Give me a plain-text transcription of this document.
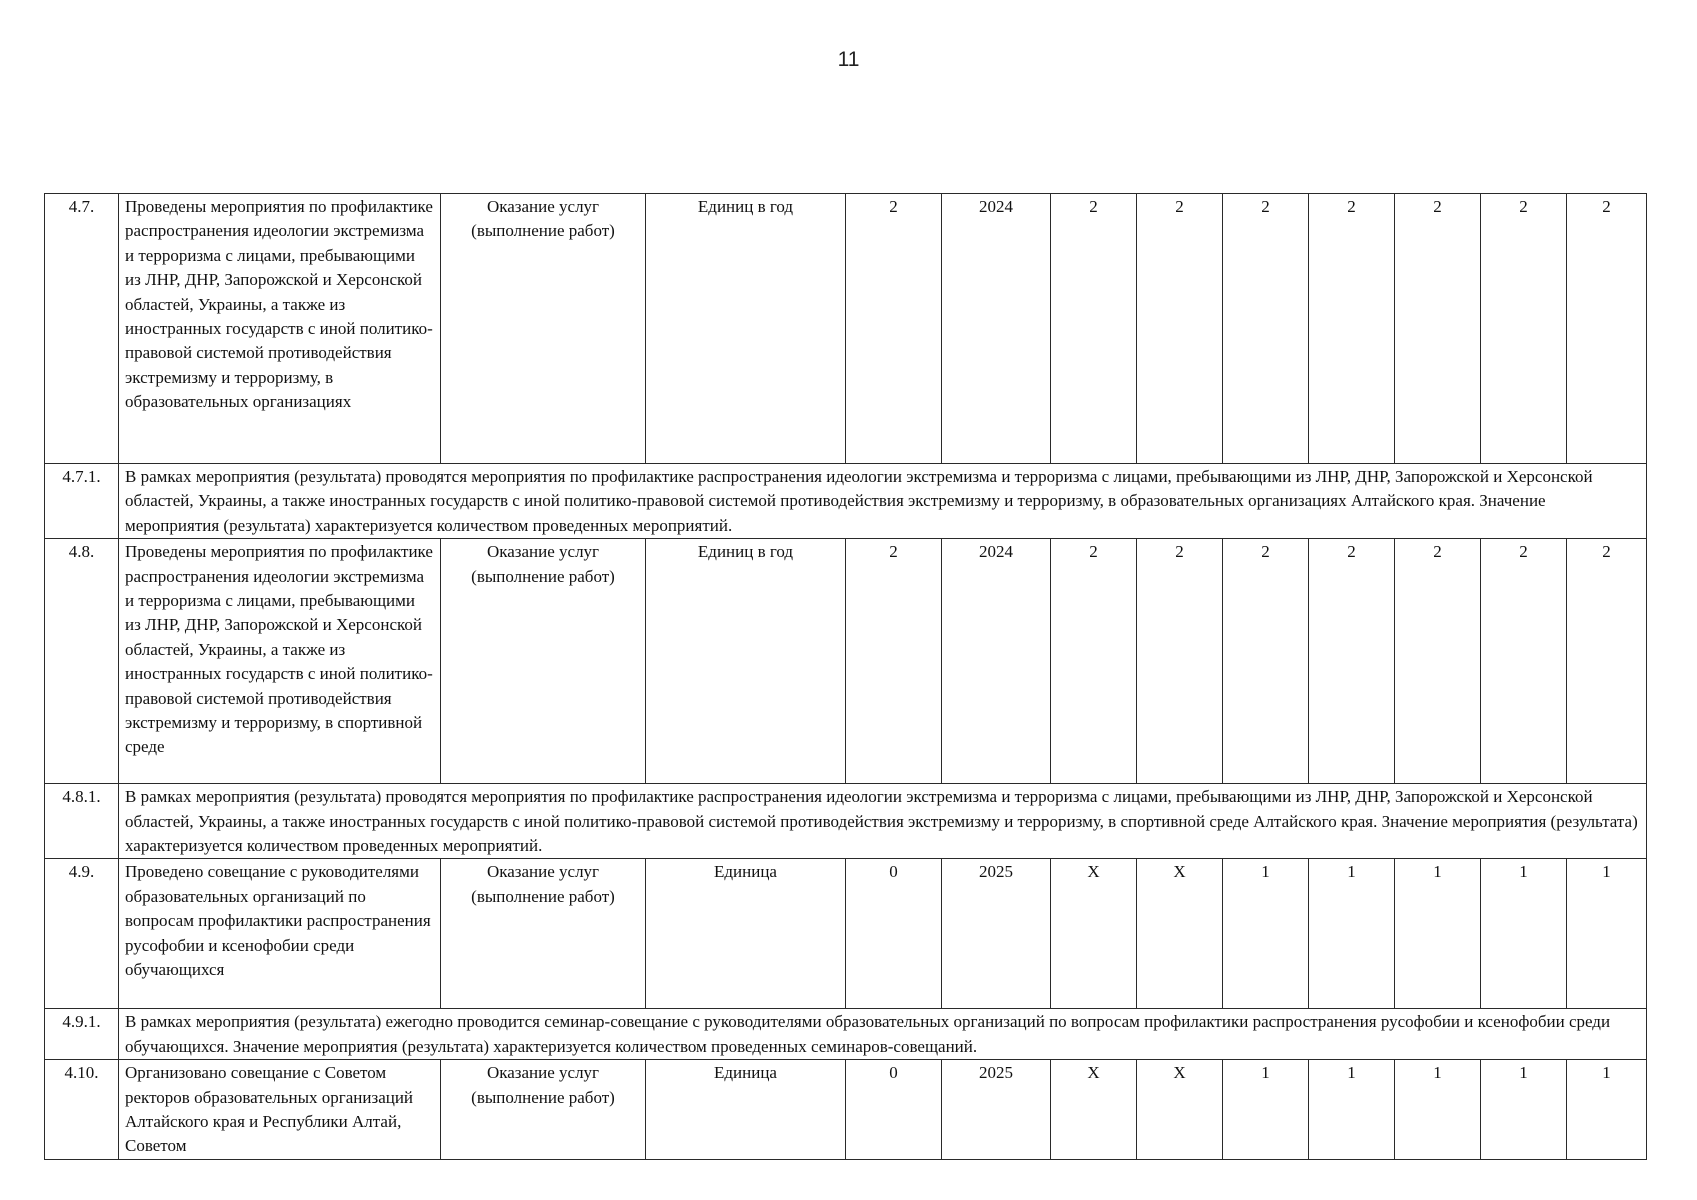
11
4.7.	Проведены мероприятия по профилактике распространения идеологии экстремизма и терроризма с лицами, пребывающими из ЛНР, ДНР, Запорожской и Херсонской областей, Украины, а также из иностранных государств с иной политико-правовой системой противодействия экстремизму и терроризму, в образовательных организациях	Оказание услуг (выполнение работ)	Единиц в год	2	2024	2	2	2	2	2	2	2
4.7.1.	В рамках мероприятия (результата) проводятся мероприятия по профилактике распространения идеологии экстремизма и терроризма с лицами, пребывающими из ЛНР, ДНР, Запорожской и Херсонской областей, Украины, а также иностранных государств с иной политико-правовой системой противодействия экстремизму и терроризму, в образовательных организациях Алтайского края. Значение мероприятия (результата) характеризуется количеством проведенных мероприятий.											
4.8.	Проведены мероприятия по профилактике распространения идеологии экстремизма и терроризма с лицами, пребывающими из ЛНР, ДНР, Запорожской и Херсонской областей, Украины, а также из иностранных государств с иной политико-правовой системой противодействия экстремизму и терроризму, в спортивной среде	Оказание услуг (выполнение работ)	Единиц в год	2	2024	2	2	2	2	2	2	2
4.8.1.	В рамках мероприятия (результата) проводятся мероприятия по профилактике распространения идеологии экстремизма и терроризма с лицами, пребывающими из ЛНР, ДНР, Запорожской и Херсонской областей, Украины, а также иностранных государств с иной политико-правовой системой противодействия экстремизму и терроризму, в спортивной среде Алтайского края. Значение мероприятия (результата) характеризуется количеством проведенных мероприятий.											
4.9.	Проведено совещание с руководителями образовательных организаций по вопросам профилактики распространения русофобии и ксенофобии среди обучающихся	Оказание услуг (выполнение работ)	Единица	0	2025	X	X	1	1	1	1	1
4.9.1.	В рамках мероприятия (результата) ежегодно проводится семинар-совещание с руководителями образовательных организаций по вопросам профилактики распространения русофобии и ксенофобии среди обучающихся. Значение мероприятия (результата) характеризуется количеством проведенных семинаров-совещаний.											
4.10.	Организовано совещание с Советом ректоров образовательных организаций Алтайского края и Республики Алтай, Советом	Оказание услуг (выполнение работ)	Единица	0	2025	X	X	1	1	1	1	1
